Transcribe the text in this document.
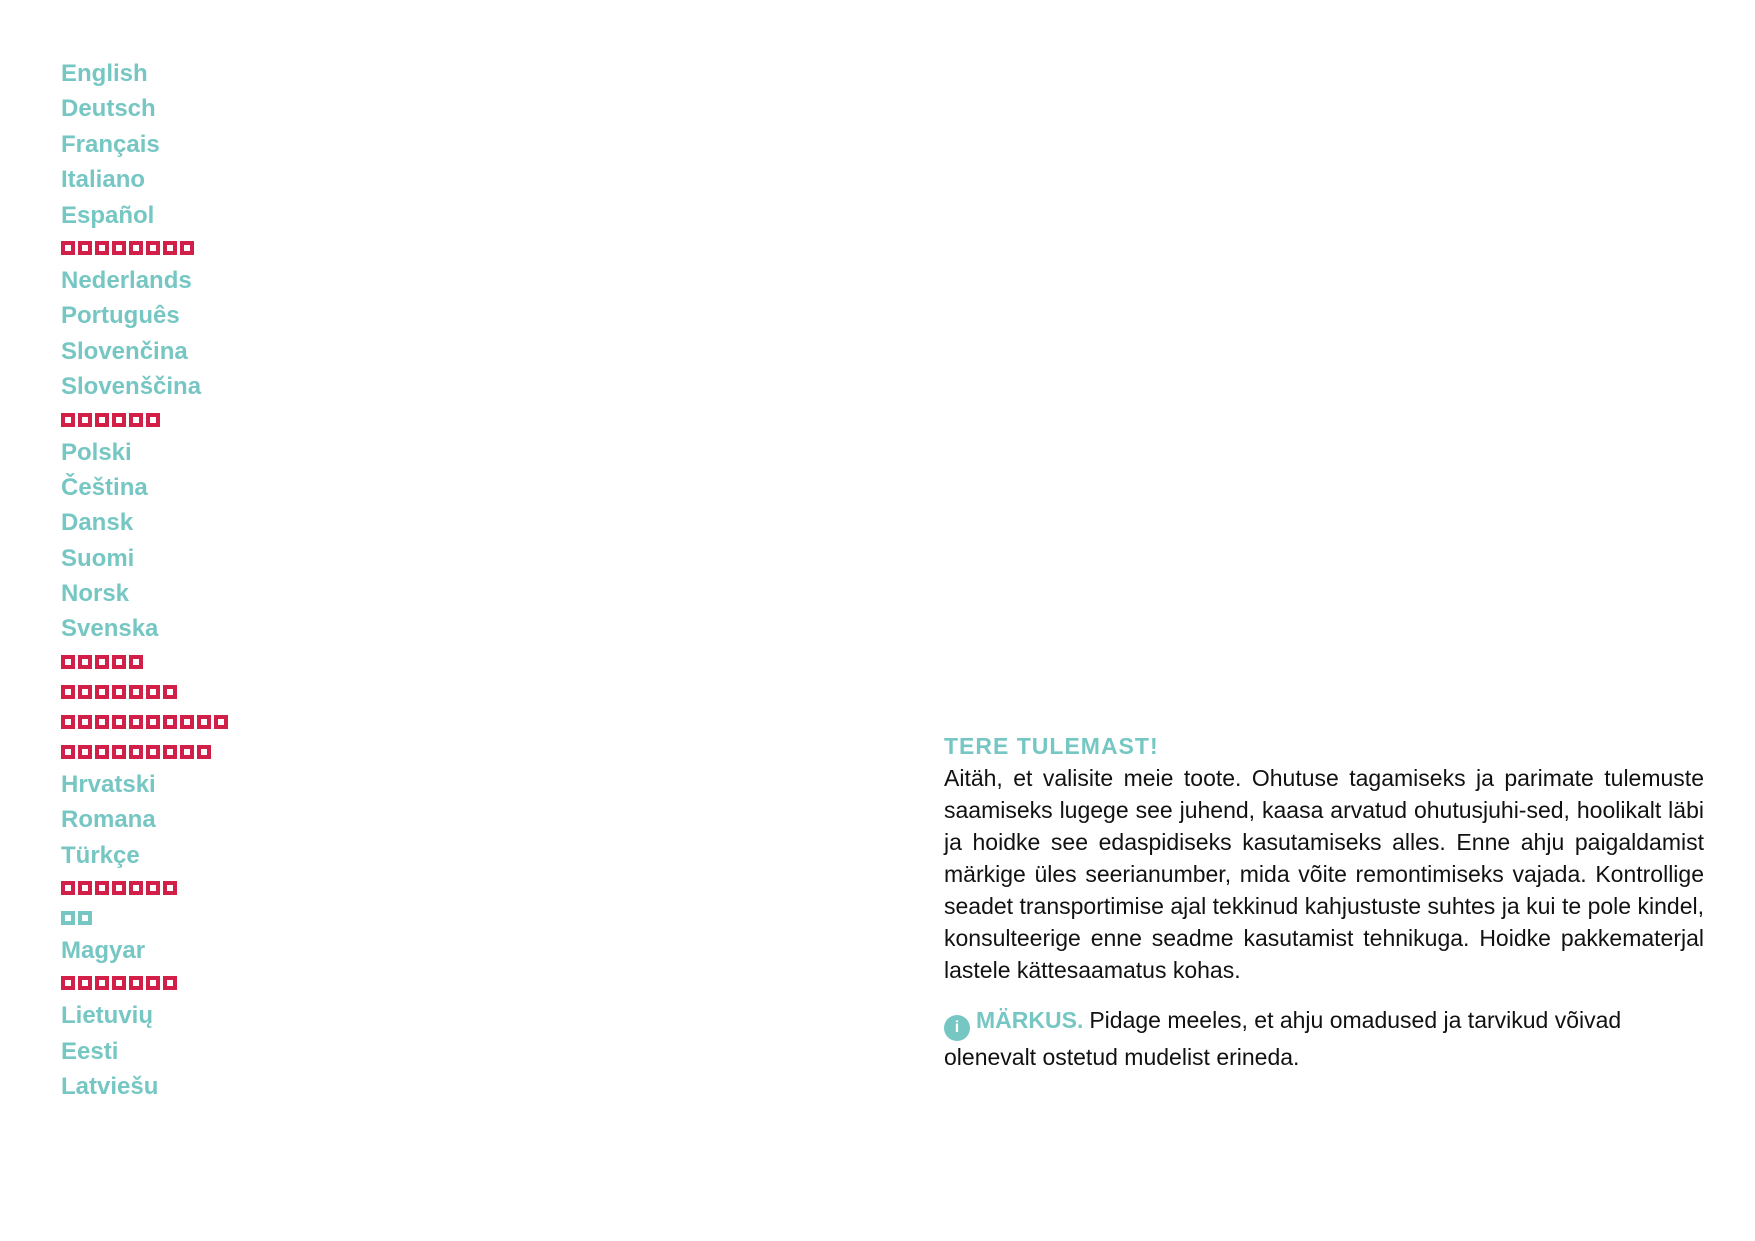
English
Deutsch
Français
Italiano
Español
Nederlands
Português
Slovenčina
Slovenščina
Polski
Čeština
Dansk
Suomi
Norsk
Svenska
Hrvatski
Romana
Türkçe
Magyar
Lietuvių
Eesti
Latviešu
TERE TULEMAST!

Aitäh, et valisite meie toote. Ohutuse tagamiseks ja parimate tulemuste saamiseks lugege see juhend, kaasa arvatud ohutusjuhi-sed, hoolikalt läbi ja hoidke see edaspidiseks kasutamiseks alles. Enne ahju paigaldamist märkige üles seerianumber, mida võite remontimiseks vajada. Kontrollige seadet transportimise ajal tekkinud kahjustuste suhtes ja kui te pole kindel, konsulteerige enne seadme kasutamist tehnikuga. Hoidke pakkematerjal lastele kättesaamatus kohas.

i MÄRKUS. Pidage meeles, et ahju omadused ja tarvikud võivad olenevalt ostetud mudelist erineda.
